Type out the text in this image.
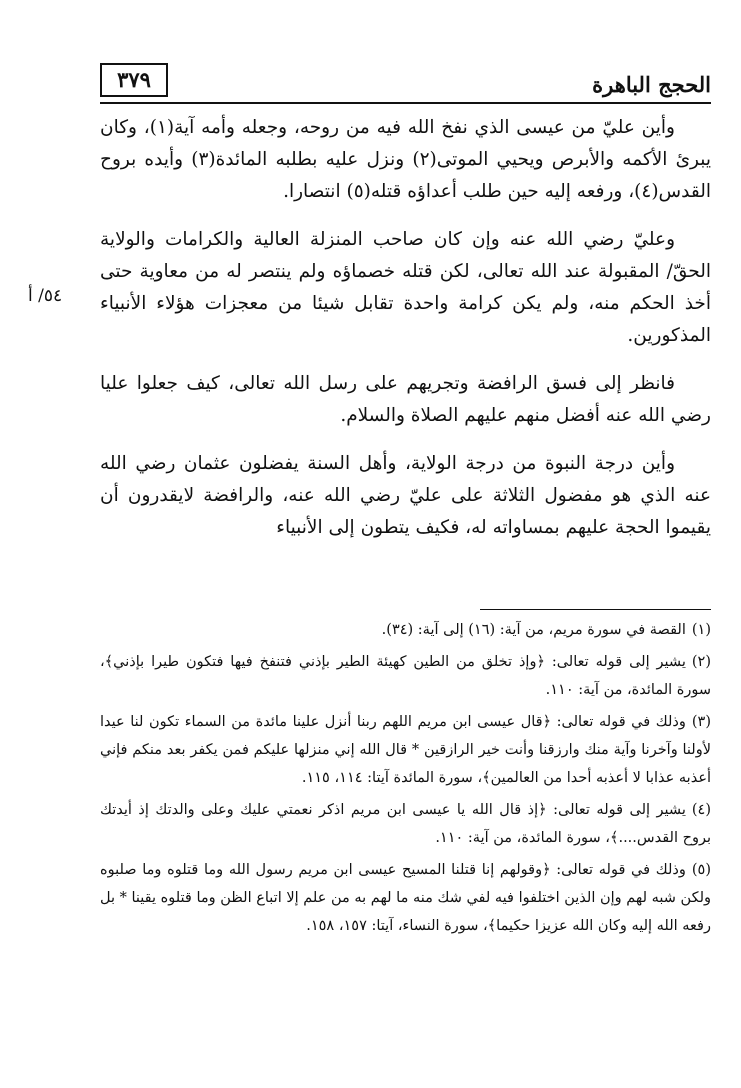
الحجج الباهرة
٣٧٩
٥٤/ أ

وأين عليّ من عيسى الذي نفخ الله فيه من روحه، وجعله وأمه آية(١)، وكان يبرئ الأكمه والأبرص ويحيي الموتى(٢) ونزل عليه بطلبه المائدة(٣) وأيده بروح القدس(٤)، ورفعه إليه حين طلب أعداؤه قتله(٥) انتصارا.

وعليّ رضي الله عنه وإن كان صاحب المنزلة العالية والكرامات والولاية الحقّ/ المقبولة عند الله تعالى، لكن قتله خصماؤه ولم ينتصر له من معاوية حتى أخذ الحكم منه، ولم يكن كرامة واحدة تقابل شيئا من معجزات هؤلاء الأنبياء المذكورين.

فانظر إلى فسق الرافضة وتجريهم على رسل الله تعالى، كيف جعلوا عليا رضي الله عنه أفضل منهم عليهم الصلاة والسلام.

وأين درجة النبوة من درجة الولاية، وأهل السنة يفضلون عثمان رضي الله عنه الذي هو مفضول الثلاثة على عليّ رضي الله عنه، والرافضة لايقدرون أن يقيموا الحجة عليهم بمساواته له، فكيف يتطون إلى الأنبياء

(١)القصة في سورة مريم، من آية: (١٦) إلى آية: (٣٤).
(٢)يشير إلى قوله تعالى: ﴿وإذ تخلق من الطين كهيئة الطير بإذني فتنفخ فيها فتكون طيرا بإذني﴾، سورة المائدة، من آية: ١١٠.
(٣)وذلك في قوله تعالى: ﴿قال عيسى ابن مريم اللهم ربنا أنزل علينا مائدة من السماء تكون لنا عيدا لأولنا وآخرنا وآية منك وارزقنا وأنت خير الرازقين * قال الله إني منزلها عليكم فمن يكفر بعد منكم فإني أعذبه عذابا لا أعذبه أحدا من العالمين﴾، سورة المائدة آيتا: ١١٤، ١١٥.
(٤)يشير إلى قوله تعالى: ﴿إذ قال الله يا عيسى ابن مريم اذكر نعمتي عليك وعلى والدتك إذ أيدتك بروح القدس....﴾، سورة المائدة، من آية: ١١٠.
(٥)وذلك في قوله تعالى: ﴿وقولهم إنا قتلنا المسيح عيسى ابن مريم رسول الله وما قتلوه وما صلبوه ولكن شبه لهم وإن الذين اختلفوا فيه لفي شك منه ما لهم به من علم إلا اتباع الظن وما قتلوه يقينا * بل رفعه الله إليه وكان الله عزيزا حكيما﴾، سورة النساء، آيتا: ١٥٧، ١٥٨.
